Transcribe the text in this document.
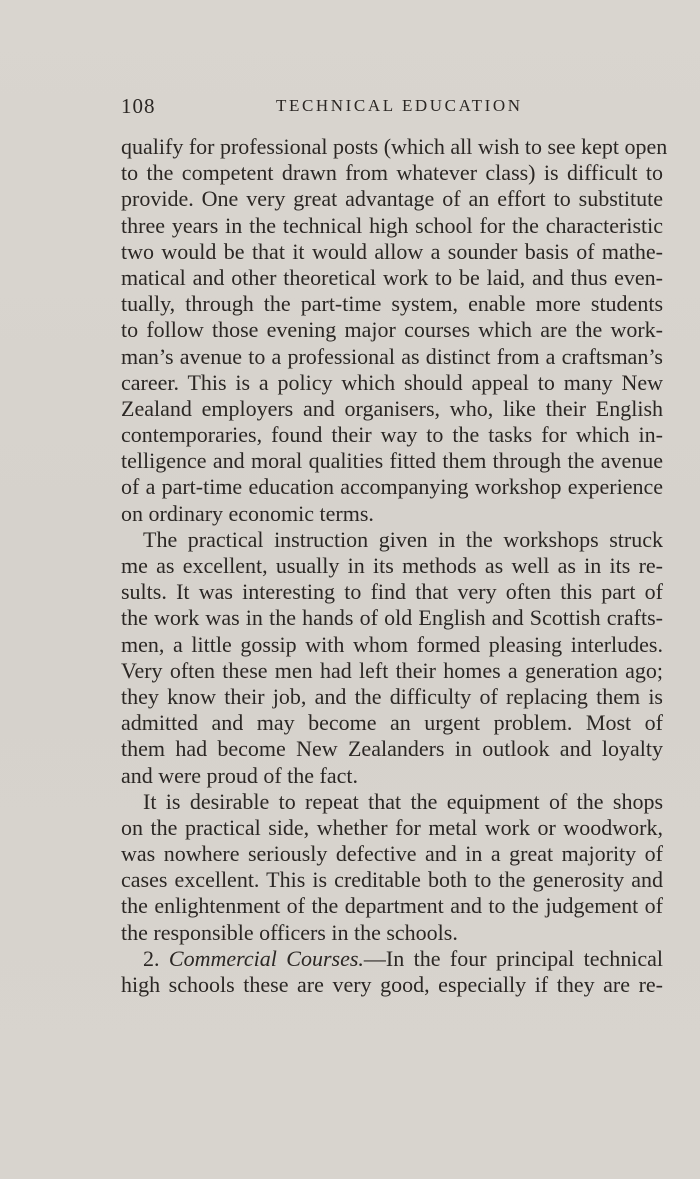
108	TECHNICAL EDUCATION
qualify for professional posts (which all wish to see kept open
to the competent drawn from whatever class) is difficult to
provide. One very great advantage of an effort to substitute
three years in the technical high school for the characteristic
two would be that it would allow a sounder basis of mathe-
matical and other theoretical work to be laid, and thus even-
tually, through the part-time system, enable more students
to follow those evening major courses which are the work-
man’s avenue to a professional as distinct from a craftsman’s
career. This is a policy which should appeal to many New
Zealand employers and organisers, who, like their English
contemporaries, found their way to the tasks for which in-
telligence and moral qualities fitted them through the avenue
of a part-time education accompanying workshop experience
on ordinary economic terms.
The practical instruction given in the workshops struck
me as excellent, usually in its methods as well as in its re-
sults. It was interesting to find that very often this part of
the work was in the hands of old English and Scottish crafts-
men, a little gossip with whom formed pleasing interludes.
Very often these men had left their homes a generation ago;
they know their job, and the difficulty of replacing them is
admitted and may become an urgent problem. Most of
them had become New Zealanders in outlook and loyalty
and were proud of the fact.
It is desirable to repeat that the equipment of the shops
on the practical side, whether for metal work or woodwork,
was nowhere seriously defective and in a great majority of
cases excellent. This is creditable both to the generosity and
the enlightenment of the department and to the judgement of
the responsible officers in the schools.
2. Commercial Courses.—In the four principal technical
high schools these are very good, especially if they are re-
